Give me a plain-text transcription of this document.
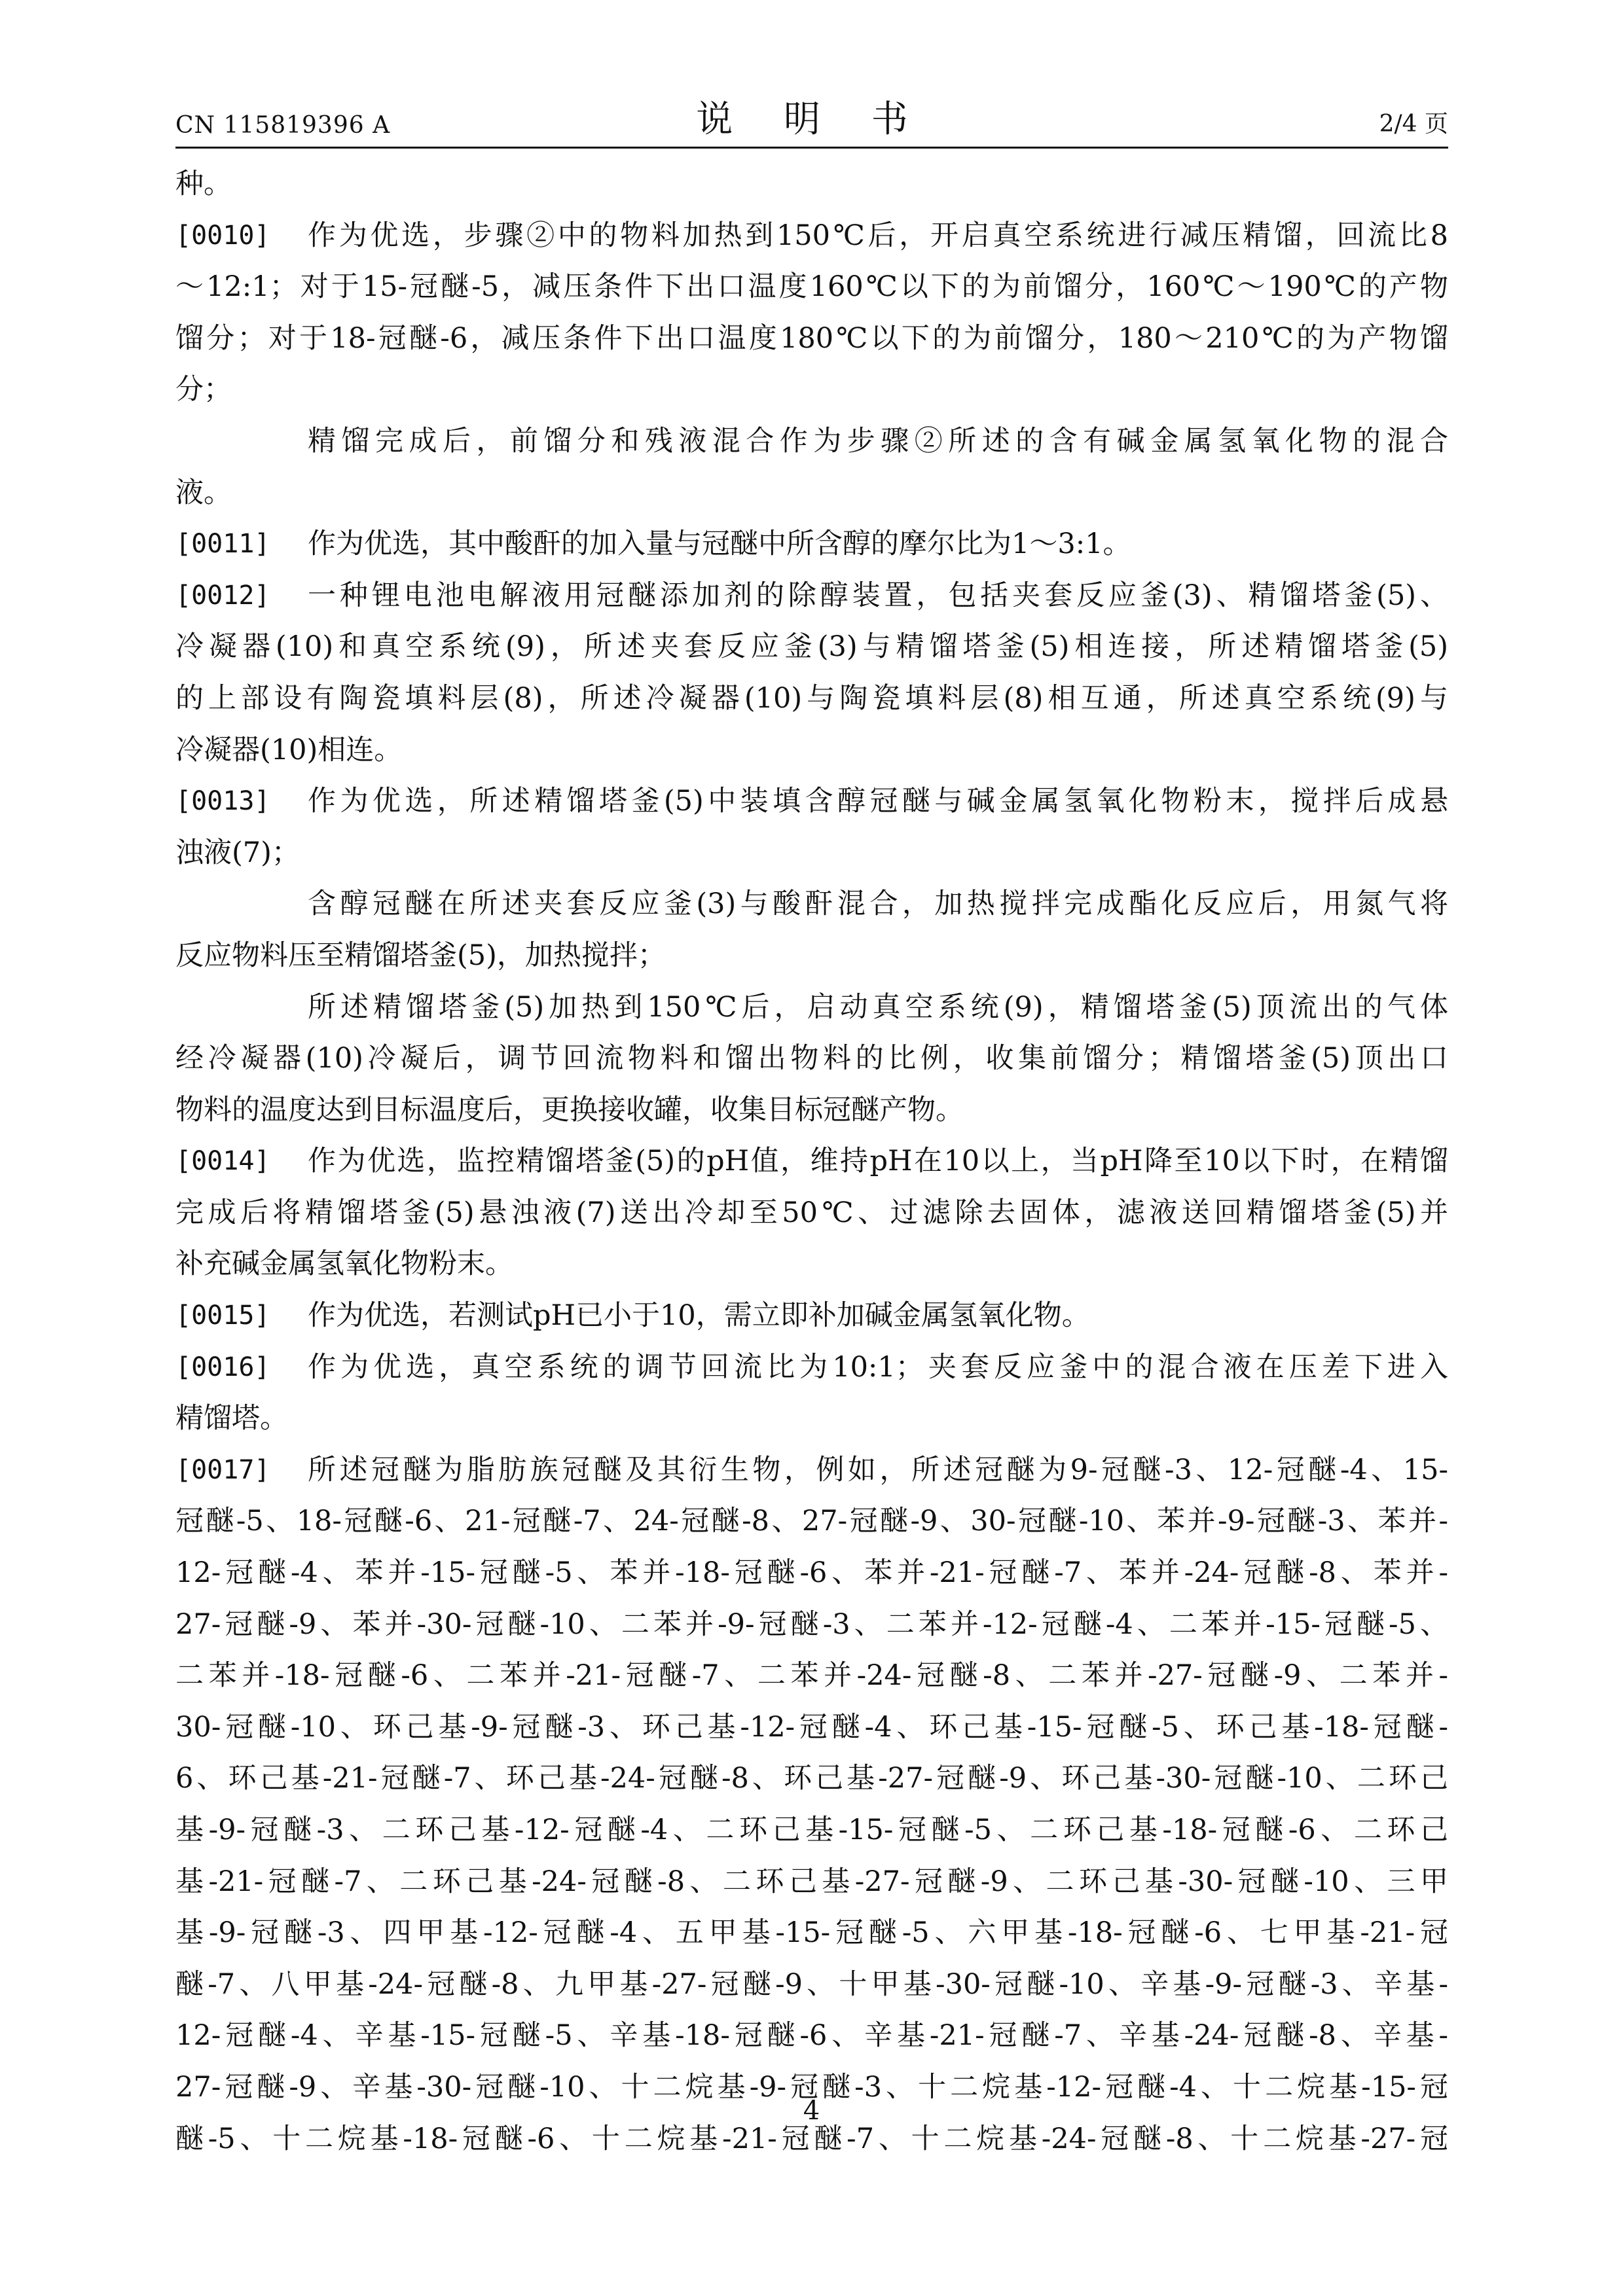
CN 115819396 A	说 明 书	2/4 页
种。
[0010] 作为优选，步骤②中的物料加热到150℃后，开启真空系统进行减压精馏，回流比8
～12:1；对于15-冠醚-5，减压条件下出口温度160℃以下的为前馏分，160℃～190℃的产物
馏分；对于18-冠醚-6，减压条件下出口温度180℃以下的为前馏分，180～210℃的为产物馏
分；
精馏完成后，前馏分和残液混合作为步骤②所述的含有碱金属氢氧化物的混合
液。
[0011] 作为优选，其中酸酐的加入量与冠醚中所含醇的摩尔比为1～3:1。
[0012] 一种锂电池电解液用冠醚添加剂的除醇装置，包括夹套反应釜(3)、精馏塔釜(5)、
冷凝器(10)和真空系统(9)，所述夹套反应釜(3)与精馏塔釜(5)相连接，所述精馏塔釜(5)
的上部设有陶瓷填料层(8)，所述冷凝器(10)与陶瓷填料层(8)相互通，所述真空系统(9)与
冷凝器(10)相连。
[0013] 作为优选，所述精馏塔釜(5)中装填含醇冠醚与碱金属氢氧化物粉末，搅拌后成悬
浊液(7)；
含醇冠醚在所述夹套反应釜(3)与酸酐混合，加热搅拌完成酯化反应后，用氮气将
反应物料压至精馏塔釜(5)，加热搅拌；
所述精馏塔釜(5)加热到150℃后，启动真空系统(9)，精馏塔釜(5)顶流出的气体
经冷凝器(10)冷凝后，调节回流物料和馏出物料的比例，收集前馏分；精馏塔釜(5)顶出口
物料的温度达到目标温度后，更换接收罐，收集目标冠醚产物。
[0014] 作为优选，监控精馏塔釜(5)的pH值，维持pH在10以上，当pH降至10以下时，在精馏
完成后将精馏塔釜(5)悬浊液(7)送出冷却至50℃、过滤除去固体，滤液送回精馏塔釜(5)并
补充碱金属氢氧化物粉末。
[0015] 作为优选，若测试pH已小于10，需立即补加碱金属氢氧化物。
[0016] 作为优选，真空系统的调节回流比为10:1；夹套反应釜中的混合液在压差下进入
精馏塔。
[0017] 所述冠醚为脂肪族冠醚及其衍生物，例如，所述冠醚为9-冠醚-3、12-冠醚-4、15-
冠醚-5、18-冠醚-6、21-冠醚-7、24-冠醚-8、27-冠醚-9、30-冠醚-10、苯并-9-冠醚-3、苯并-
12-冠醚-4、苯并-15-冠醚-5、苯并-18-冠醚-6、苯并-21-冠醚-7、苯并-24-冠醚-8、苯并-
27-冠醚-9、苯并-30-冠醚-10、二苯并-9-冠醚-3、二苯并-12-冠醚-4、二苯并-15-冠醚-5、
二苯并-18-冠醚-6、二苯并-21-冠醚-7、二苯并-24-冠醚-8、二苯并-27-冠醚-9、二苯并-
30-冠醚-10、环己基-9-冠醚-3、环己基-12-冠醚-4、环己基-15-冠醚-5、环己基-18-冠醚-
6、环己基-21-冠醚-7、环己基-24-冠醚-8、环己基-27-冠醚-9、环己基-30-冠醚-10、二环己
基-9-冠醚-3、二环己基-12-冠醚-4、二环己基-15-冠醚-5、二环己基-18-冠醚-6、二环己
基-21-冠醚-7、二环己基-24-冠醚-8、二环己基-27-冠醚-9、二环己基-30-冠醚-10、三甲
基-9-冠醚-3、四甲基-12-冠醚-4、五甲基-15-冠醚-5、六甲基-18-冠醚-6、七甲基-21-冠
醚-7、八甲基-24-冠醚-8、九甲基-27-冠醚-9、十甲基-30-冠醚-10、辛基-9-冠醚-3、辛基-
12-冠醚-4、辛基-15-冠醚-5、辛基-18-冠醚-6、辛基-21-冠醚-7、辛基-24-冠醚-8、辛基-
27-冠醚-9、辛基-30-冠醚-10、十二烷基-9-冠醚-3、十二烷基-12-冠醚-4、十二烷基-15-冠
醚-5、十二烷基-18-冠醚-6、十二烷基-21-冠醚-7、十二烷基-24-冠醚-8、十二烷基-27-冠
4
